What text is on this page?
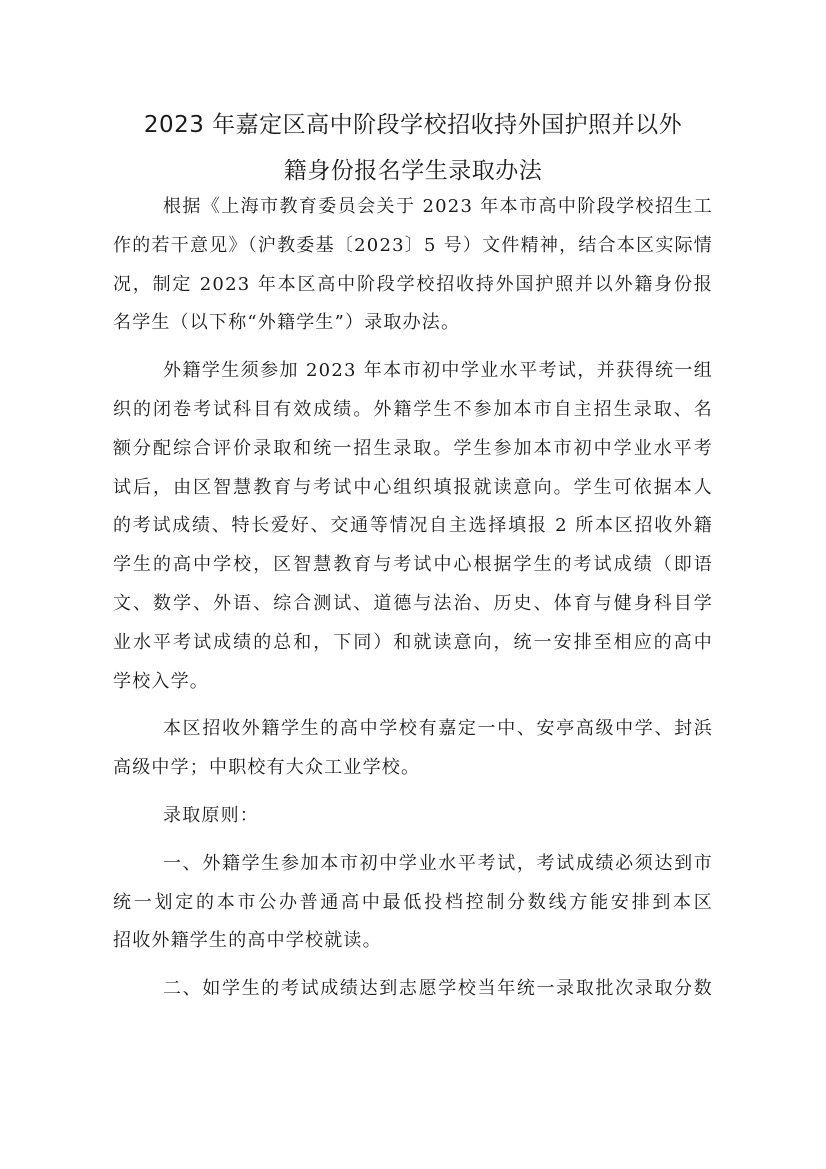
2023 年嘉定区高中阶段学校招收持外国护照并以外
籍身份报名学生录取办法
根据《上海市教育委员会关于 2023 年本市高中阶段学校招生工
作的若干意见》（沪教委基〔2023〕5 号）文件精神，结合本区实际情
况，制定 2023 年本区高中阶段学校招收持外国护照并以外籍身份报
名学生（以下称“外籍学生”）录取办法。
外籍学生须参加 2023 年本市初中学业水平考试，并获得统一组
织的闭卷考试科目有效成绩。外籍学生不参加本市自主招生录取、名
额分配综合评价录取和统一招生录取。学生参加本市初中学业水平考
试后，由区智慧教育与考试中心组织填报就读意向。学生可依据本人
的考试成绩、特长爱好、交通等情况自主选择填报 2 所本区招收外籍
学生的高中学校，区智慧教育与考试中心根据学生的考试成绩（即语
文、数学、外语、综合测试、道德与法治、历史、体育与健身科目学
业水平考试成绩的总和，下同）和就读意向，统一安排至相应的高中
学校入学。
本区招收外籍学生的高中学校有嘉定一中、安亭高级中学、封浜
高级中学；中职校有大众工业学校。
录取原则：
一、外籍学生参加本市初中学业水平考试，考试成绩必须达到市
统一划定的本市公办普通高中最低投档控制分数线方能安排到本区
招收外籍学生的高中学校就读。
二、如学生的考试成绩达到志愿学校当年统一录取批次录取分数
